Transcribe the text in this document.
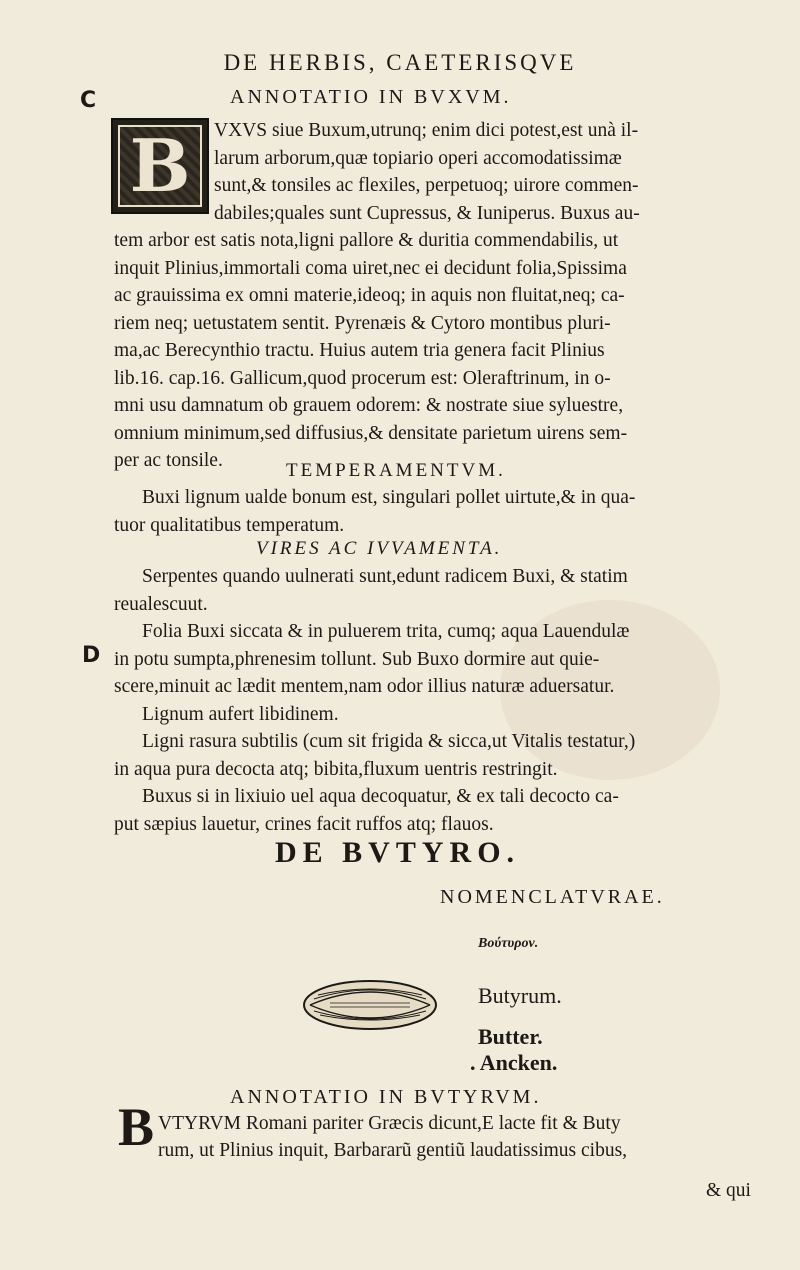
DE HERBIS, CAETERISQVE
C
D
ANNOTATIO IN BVXVM.
B	VXVS siue Buxum,utrunq; enim dici potest,est unà il-
larum arborum,quæ topiario operi accomodatissimæ
sunt,& tonsiles ac flexiles, perpetuoq; uirore commen-
dabiles;quales sunt Cupressus, & Iuniperus. Buxus au-
tem arbor est satis nota,ligni pallore & duritia commendabilis, ut
inquit Plinius,immortali coma uiret,nec ei decidunt folia,Spissima
ac grauissima ex omni materie,ideoq; in aquis non fluitat,neq; ca-
riem neq; uetustatem sentit. Pyrenæis & Cytoro montibus pluri-
ma,ac Berecynthio tractu. Huius autem tria genera facit Plinius
lib.16. cap.16. Gallicum,quod procerum est: Oleraftrinum, in o-
mni usu damnatum ob grauem odorem: & nostrate siue syluestre,
omnium minimum,sed diffusius,& densitate parietum uirens sem-
per ac tonsile.	TEMPERAMENTVM.
Buxi lignum ualde bonum est, singulari pollet uirtute,& in qua-
tuor qualitatibus temperatum.
VIRES AC IVVAMENTA.
Serpentes quando uulnerati sunt,edunt radicem Buxi, & statim
reualescuut.
Folia Buxi siccata & in puluerem trita, cumq; aqua Lauendulæ
in potu sumpta,phrenesim tollunt. Sub Buxo dormire aut quie-
scere,minuit ac lædit mentem,nam odor illius naturæ aduersatur.
Lignum aufert libidinem.
Ligni rasura subtilis (cum sit frigida & sicca,ut Vitalis testatur,)
in aqua pura decocta atq; bibita,fluxum uentris restringit.
Buxus si in lixiuio uel aqua decoquatur, & ex tali decocto ca-
put sæpius lauetur, crines facit ruffos atq; flauos.
DE BVTYRO.
NOMENCLATVRAE.
Βούτυρον.
Butyrum.
Butter.
. Ancken.
ANNOTATIO IN BVTYRVM.
B VTYRVM Romani pariter Græcis dicunt,E lacte fit & Buty
rum, ut Plinius inquit, Barbararũ gentiũ laudatissimus cibus,
& qui
